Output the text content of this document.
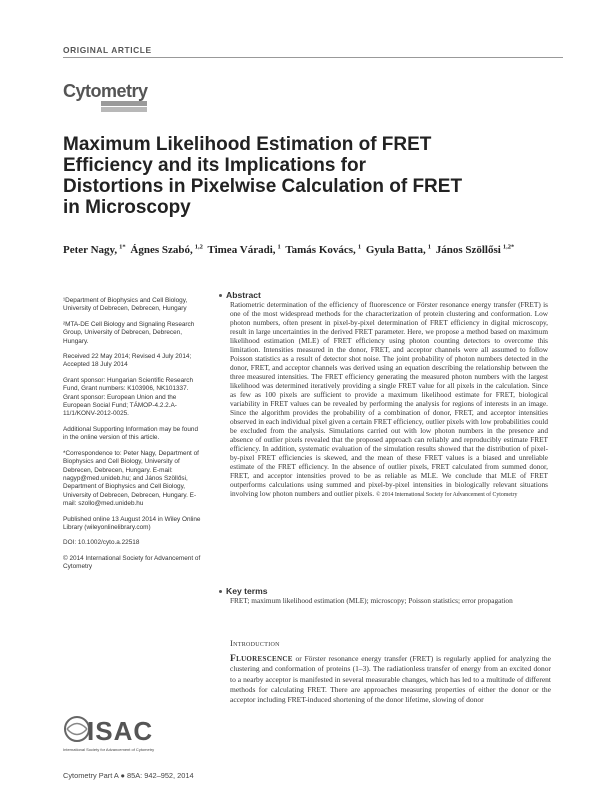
ORIGINAL ARTICLE
Cytometry
Maximum Likelihood Estimation of FRET Efficiency and its Implications for Distortions in Pixelwise Calculation of FRET in Microscopy
Peter Nagy, $^{1*}$ Ágnes Szabó, $^{1,2}$ Timea Váradi, $^1$ Tamás Kovács, $^1$ Gyula Batta, $^1$ János Szöllősi $^{1,2*}$

¹Department of Biophysics and Cell Biology, University of Debrecen, Debrecen, Hungary

²MTA-DE Cell Biology and Signaling Research Group, University of Debrecen, Debrecen, Hungary.

Received 22 May 2014; Revised 4 July 2014; Accepted 18 July 2014

Grant sponsor: Hungarian Scientific Research Fund, Grant numbers: K103906, NK101337. Grant sponsor: European Union and the European Social Fund; TÁMOP-4.2.2.A-11/1/KONV-2012-0025.

Additional Supporting Information may be found in the online version of this article.

*Correspondence to: Peter Nagy, Department of Biophysics and Cell Biology, University of Debrecen, Debrecen, Hungary. E-mail: nagyp@med.unideb.hu; and János Szöllősi, Department of Biophysics and Cell Biology, University of Debrecen, Debrecen, Hungary. E-mail: szollo@med.unideb.hu

Published online 13 August 2014 in Wiley Online Library (wileyonlinelibrary.com)

DOI: 10.1002/cyto.a.22518

© 2014 International Society for Advancement of Cytometry

Abstract
Ratiometric determination of the efficiency of fluorescence or Förster resonance energy transfer (FRET) is one of the most widespread methods for the characterization of protein clustering and conformation. Low photon numbers, often present in pixel-by-pixel determination of FRET efficiency in digital microscopy, result in large uncertainties in the derived FRET parameter. Here, we propose a method based on maximum likelihood estimation (MLE) of FRET efficiency using photon counting detectors to overcome this limitation. Intensities measured in the donor, FRET, and acceptor channels were all assumed to follow Poisson statistics as a result of detector shot noise. The joint probability of photon numbers detected in the donor, FRET, and acceptor channels was derived using an equation describing the relationship between the three measured intensities. The FRET efficiency generating the measured photon numbers with the largest likelihood was determined iteratively providing a single FRET value for all pixels in the calculation. Since as few as 100 pixels are sufficient to provide a maximum likelihood estimate for FRET, biological variability in FRET values can be revealed by performing the analysis for regions of interests in an image. Since the algorithm provides the probability of a combination of donor, FRET, and acceptor intensities observed in each individual pixel given a certain FRET efficiency, outlier pixels with low probabilities could be excluded from the analysis. Simulations carried out with low photon numbers in the presence and absence of outlier pixels revealed that the proposed approach can reliably and reproducibly estimate FRET efficiency. In addition, systematic evaluation of the simulation results showed that the distribution of pixel-by-pixel FRET efficiencies is skewed, and the mean of these FRET values is a biased and unreliable estimate of the FRET efficiency. In the absence of outlier pixels, FRET calculated from summed donor, FRET, and acceptor intensities proved to be as reliable as MLE. We conclude that MLE of FRET outperforms calculations using summed and pixel-by-pixel intensities in biologically relevant situations involving low photon numbers and outlier pixels. © 2014 International Society for Advancement of Cytometry
Key terms
FRET; maximum likelihood estimation (MLE); microscopy; Poisson statistics; error propagation
Introduction
Fluorescence or Förster resonance energy transfer (FRET) is regularly applied for analyzing the clustering and conformation of proteins (1–3). The radiationless transfer of energy from an excited donor to a nearby acceptor is manifested in several measurable changes, which has led to a multitude of different methods for calculating FRET. There are approaches measuring properties of either the donor or the acceptor including FRET-induced shortening of the donor lifetime, slowing of donor
ISAC
International Society for Advancement of Cytometry
Cytometry Part A ● 85A: 942–952, 2014
